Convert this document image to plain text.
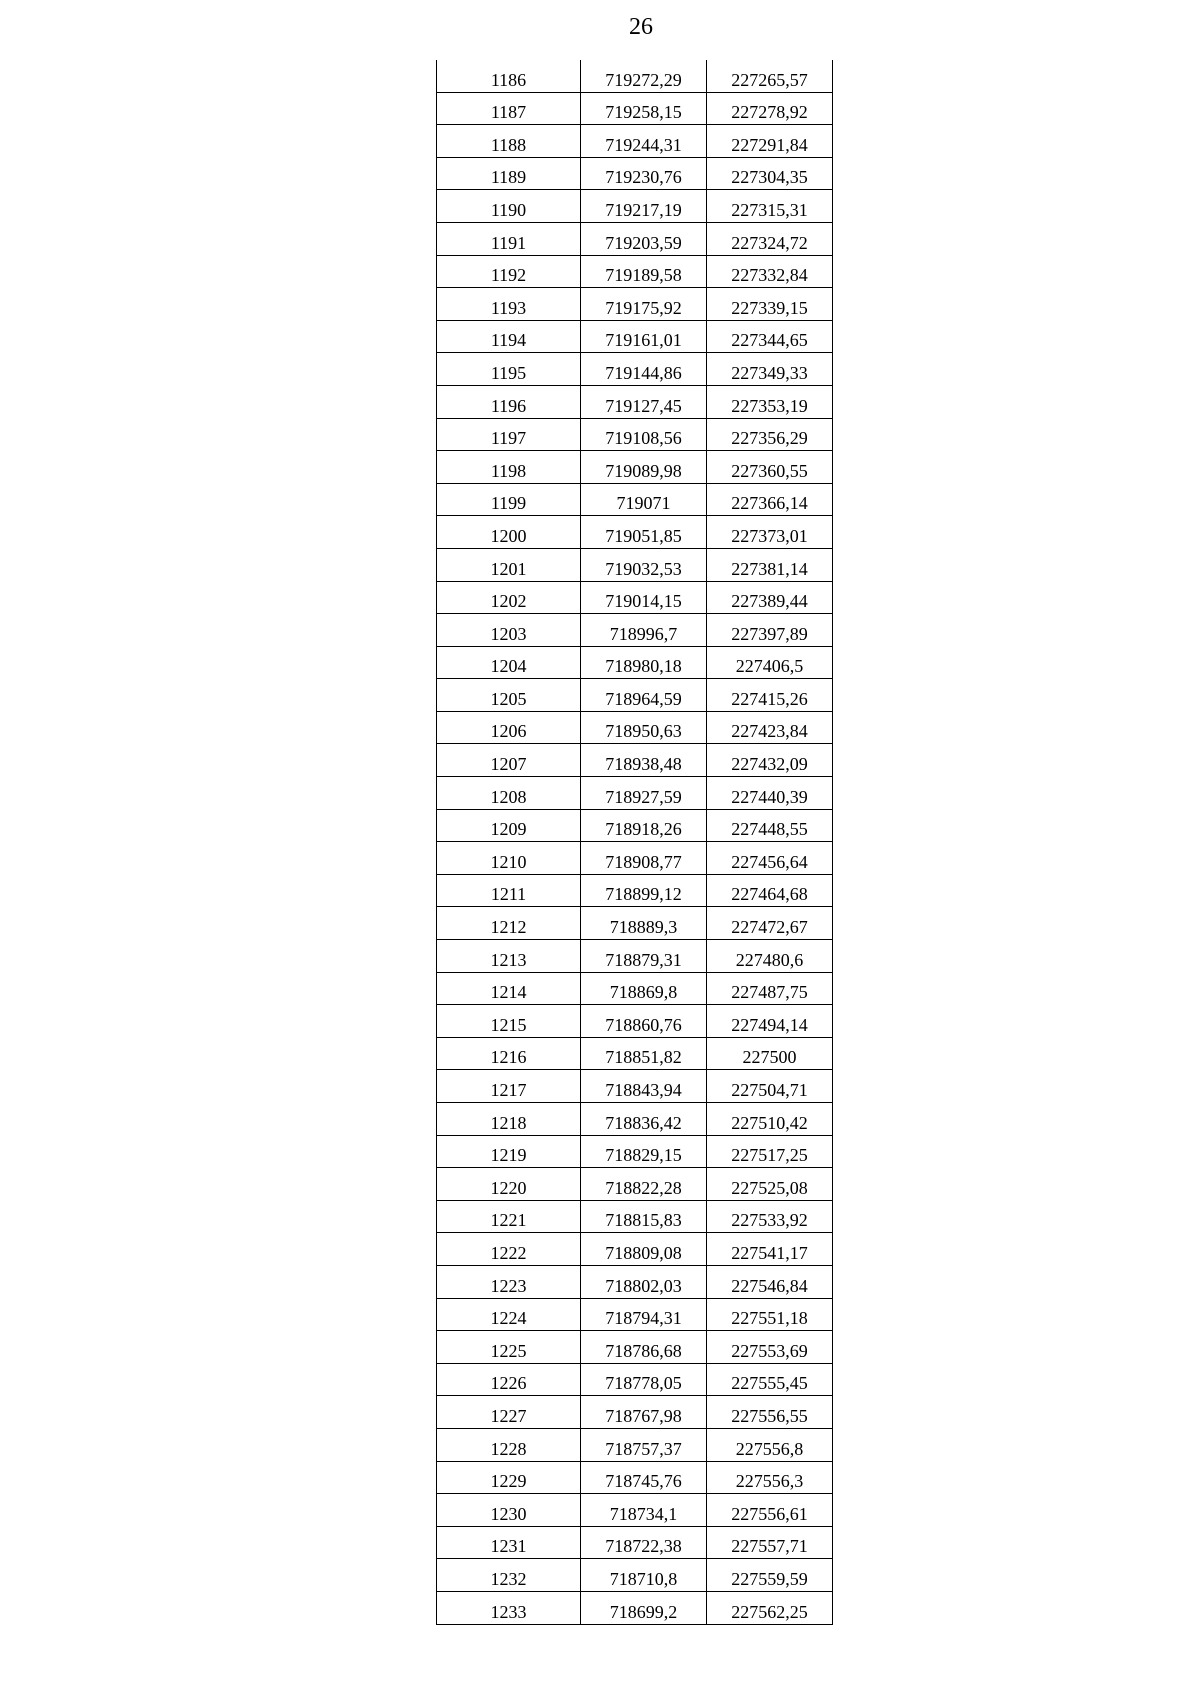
26
1186	719272,29	227265,57
1187	719258,15	227278,92
1188	719244,31	227291,84
1189	719230,76	227304,35
1190	719217,19	227315,31
1191	719203,59	227324,72
1192	719189,58	227332,84
1193	719175,92	227339,15
1194	719161,01	227344,65
1195	719144,86	227349,33
1196	719127,45	227353,19
1197	719108,56	227356,29
1198	719089,98	227360,55
1199	719071	227366,14
1200	719051,85	227373,01
1201	719032,53	227381,14
1202	719014,15	227389,44
1203	718996,7	227397,89
1204	718980,18	227406,5
1205	718964,59	227415,26
1206	718950,63	227423,84
1207	718938,48	227432,09
1208	718927,59	227440,39
1209	718918,26	227448,55
1210	718908,77	227456,64
1211	718899,12	227464,68
1212	718889,3	227472,67
1213	718879,31	227480,6
1214	718869,8	227487,75
1215	718860,76	227494,14
1216	718851,82	227500
1217	718843,94	227504,71
1218	718836,42	227510,42
1219	718829,15	227517,25
1220	718822,28	227525,08
1221	718815,83	227533,92
1222	718809,08	227541,17
1223	718802,03	227546,84
1224	718794,31	227551,18
1225	718786,68	227553,69
1226	718778,05	227555,45
1227	718767,98	227556,55
1228	718757,37	227556,8
1229	718745,76	227556,3
1230	718734,1	227556,61
1231	718722,38	227557,71
1232	718710,8	227559,59
1233	718699,2	227562,25
